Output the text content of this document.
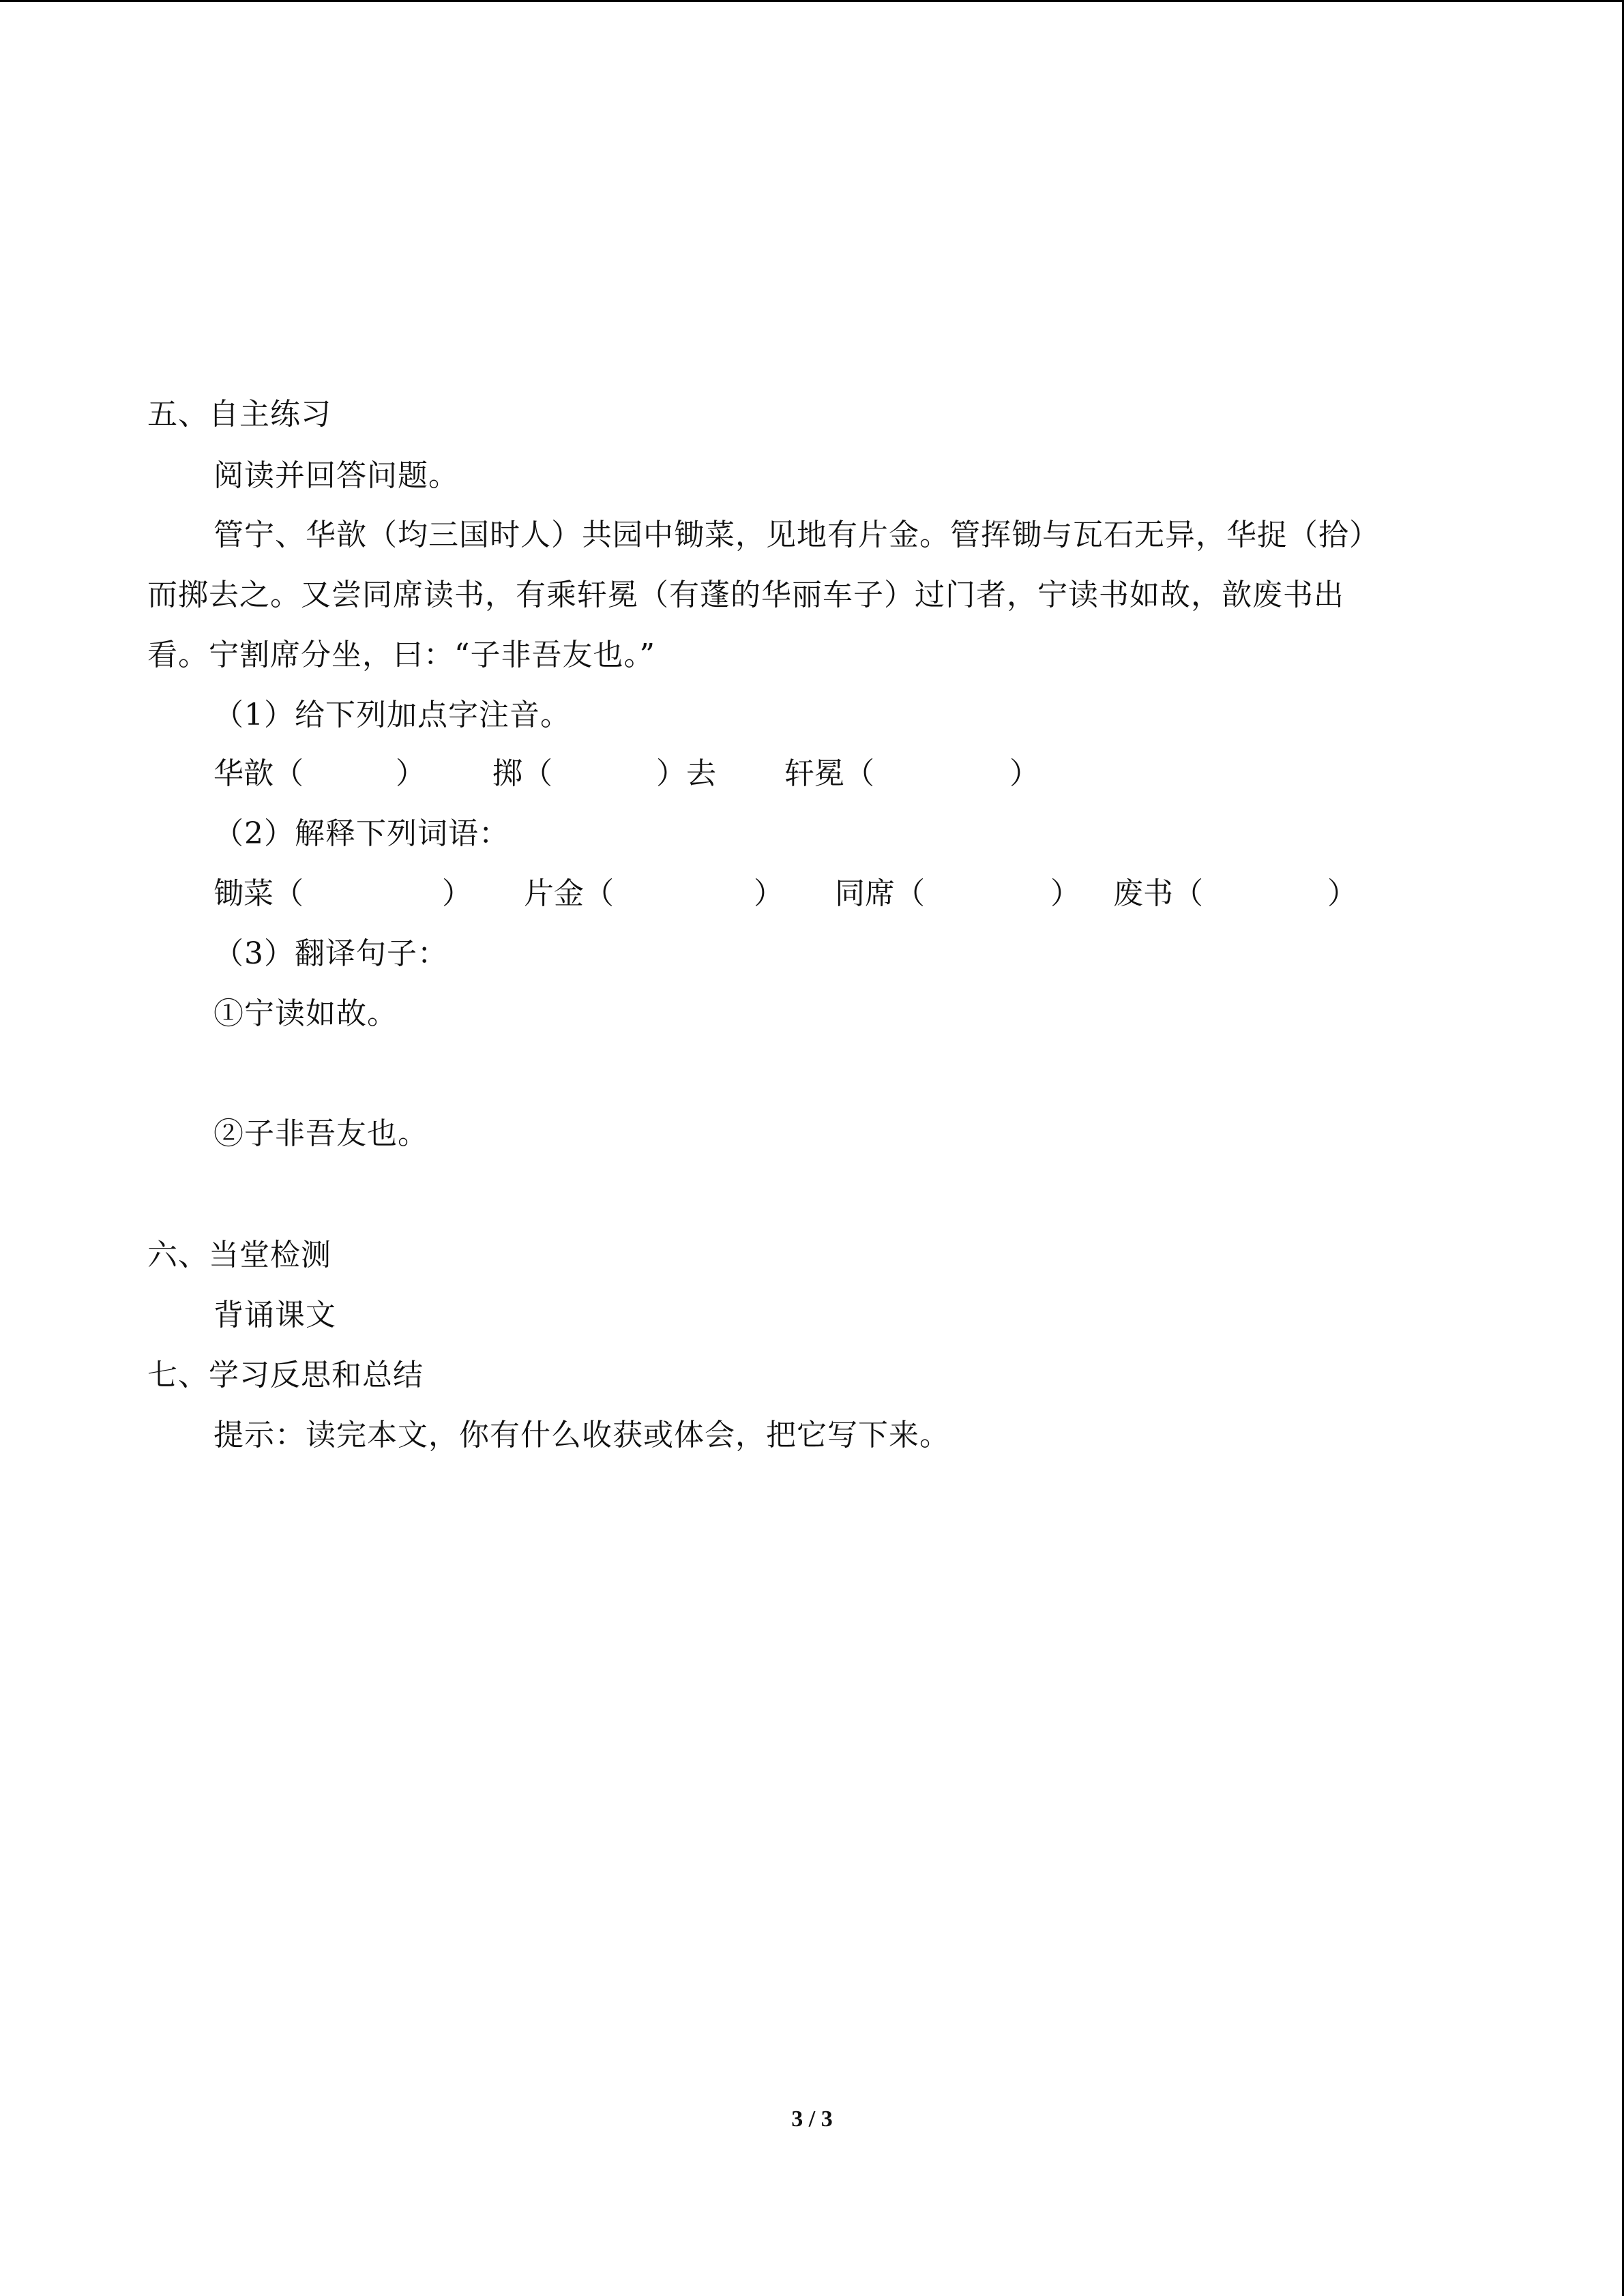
五、自主练习
阅读并回答问题。
管宁、华歆（均三国时人）共园中锄菜，见地有片金。管挥锄与瓦石无异，华捉（拾）
而掷去之。又尝同席读书，有乘轩冕（有蓬的华丽车子）过门者，宁读书如故，歆废书出
看。宁割席分坐，曰：“子非吾友也。”
（1）给下列加点字注音。
华歆（	） 掷（	）去 轩冕（	）
（2）解释下列词语：
锄菜（	） 片金（	） 同席（	） 废书（	）
（3）翻译句子：
①宁读如故。
②子非吾友也。
六、当堂检测
背诵课文
七、学习反思和总结
提示：读完本文，你有什么收获或体会，把它写下来。
3 / 3
